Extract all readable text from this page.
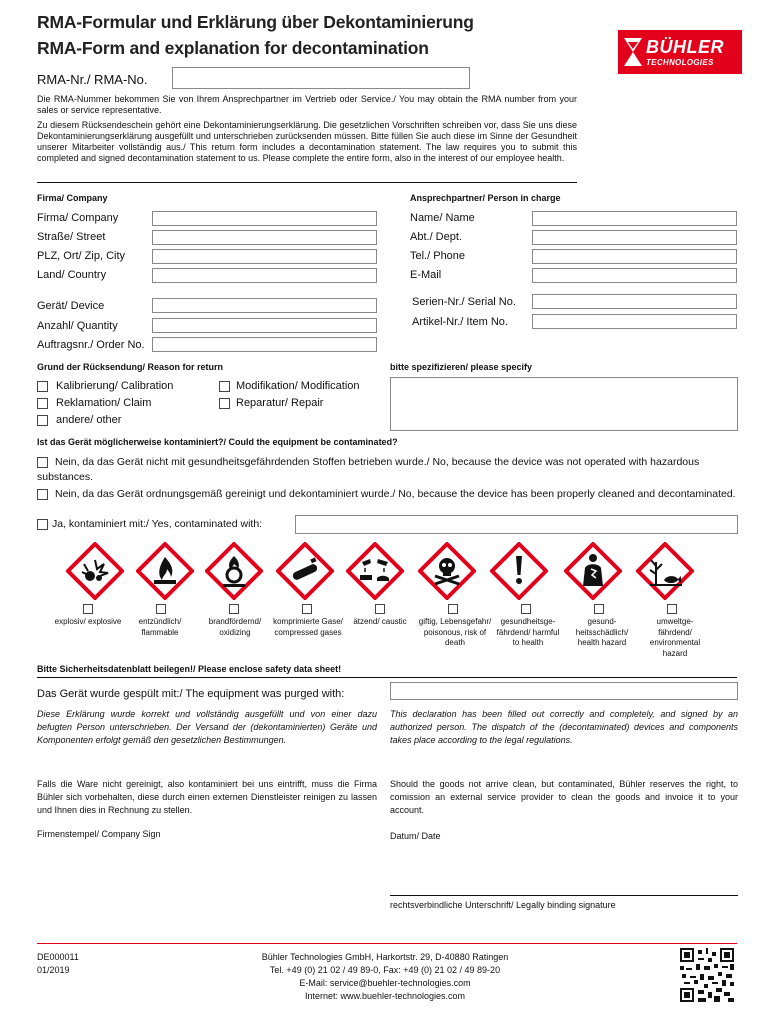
RMA-Formular und Erklärung über Dekontaminierung
RMA-Form and explanation for decontamination	BÜHLER
TECHNOLOGIES
RMA-Nr./ RMA-No.
Die RMA-Nummer bekommen Sie von Ihrem Ansprechpartner im Vertrieb oder Service./ You may obtain the RMA number from your sales or service representative.
Zu diesem Rücksendeschein gehört eine Dekontaminierungserklärung. Die gesetzlichen Vorschriften schreiben vor, dass Sie uns diese Dekontaminierungserklärung ausgefüllt und unterschrieben zurücksenden müssen. Bitte füllen Sie auch diese im Sinne der Gesundheit unserer Mitarbeiter vollständig aus./ This return form includes a decontamination statement. The law requires you to submit this completed and signed decontamination statement to us. Please complete the entire form, also in the interest of our employee health.
Firma/ Company	Ansprechpartner/ Person in charge
Firma/ Company
Straße/ Street
PLZ, Ort/ Zip, City
Land/ Country
Name/ Name
Abt./ Dept.
Tel./ Phone
E-Mail
Gerät/ Device
Anzahl/ Quantity
Auftragsnr./ Order No.
Serien-Nr./ Serial No.
Artikel-Nr./ Item No.
Grund der Rücksendung/ Reason for return	bitte spezifizieren/ please specify
Kalibrierung/ Calibration	Modifikation/ Modification
Reklamation/ Claim	Reparatur/ Repair
andere/ other
Ist das Gerät möglicherweise kontaminiert?/ Could the equipment be contaminated?
Nein, da das Gerät nicht mit gesundheitsgefährdenden Stoffen betrieben wurde./ No, because the device was not operated with hazardous substances.
Nein, da das Gerät ordnungsgemäß gereinigt und dekontaminiert wurde./ No, because the device has been properly cleaned and decontaminated.
Ja, kontaminiert mit:/ Yes, contaminated with:
explosiv/ explosive	entzündlich/ flammable
brandfördernd/ oxidizing
komprimierte Gase/ compressed gases
ätzend/ caustic	giftig, Lebensgefahr/ poisonous, risk of death
gesundheitsge-fährdend/ harmful to health
gesund-heitsschädlich/ health hazard
umweltge-fährdend/ environmental hazard
Bitte Sicherheitsdatenblatt beilegen!/ Please enclose safety data sheet!
Das Gerät wurde gespült mit:/ The equipment was purged with:
Diese Erklärung wurde korrekt und vollständig ausgefüllt und von einer dazu befugten Person unterschrieben. Der Versand der (dekontaminierten) Geräte und Komponenten erfolgt gemäß den gesetzlichen Bestimmungen.
This declaration has been filled out correctly and completely, and signed by an authorized person. The dispatch of the (decontaminated) devices and components takes place according to the legal regulations.
Falls die Ware nicht gereinigt, also kontaminiert bei uns eintrifft, muss die Firma Bühler sich vorbehalten, diese durch einen externen Dienstleister reinigen zu lassen und Ihnen dies in Rechnung zu stellen.
Should the goods not arrive clean, but contaminated, Bühler reserves the right, to comission an external service provider to clean the goods and invoice it to your account.
Firmenstempel/ Company Sign	Datum/ Date
rechtsverbindliche Unterschrift/ Legally binding signature
DE000011
01/2019
Bühler Technologies GmbH, Harkortstr. 29, D-40880 Ratingen
Tel. +49 (0) 21 02 / 49 89-0, Fax: +49 (0) 21 02 / 49 89-20
E-Mail: service@buehler-technologies.com
Internet: www.buehler-technologies.com
